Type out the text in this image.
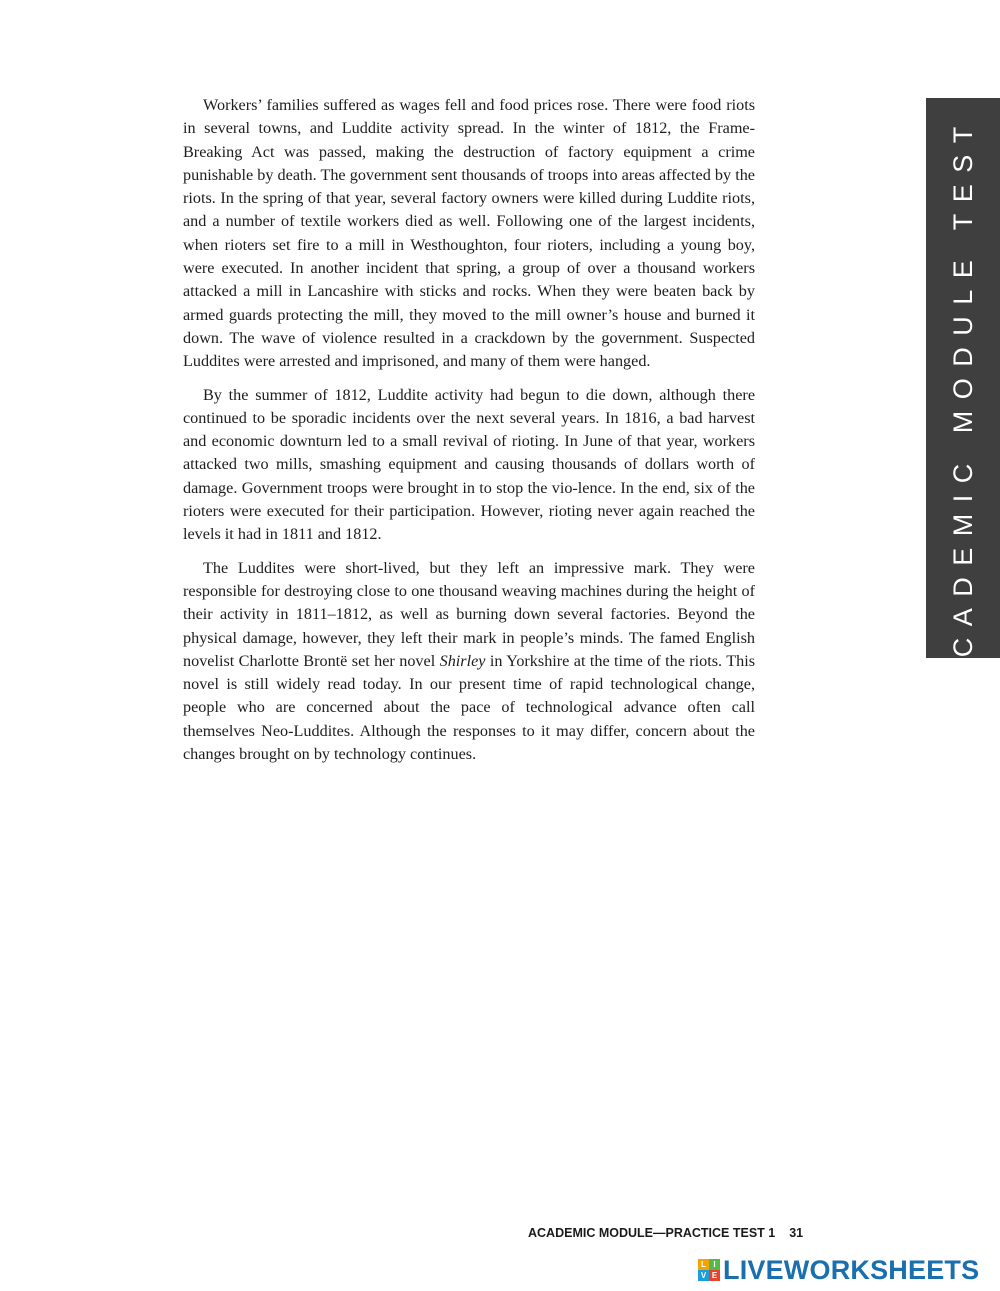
Workers’ families suffered as wages fell and food prices rose. There were food riots in several towns, and Luddite activity spread. In the winter of 1812, the Frame-Breaking Act was passed, making the destruction of factory equipment a crime punishable by death. The government sent thousands of troops into areas affected by the riots. In the spring of that year, several factory owners were killed during Luddite riots, and a number of textile workers died as well. Following one of the largest incidents, when rioters set fire to a mill in Westhoughton, four rioters, including a young boy, were executed. In another incident that spring, a group of over a thousand workers attacked a mill in Lancashire with sticks and rocks. When they were beaten back by armed guards protecting the mill, they moved to the mill owner’s house and burned it down. The wave of violence resulted in a crackdown by the government. Suspected Luddites were arrested and imprisoned, and many of them were hanged.

By the summer of 1812, Luddite activity had begun to die down, although there continued to be sporadic incidents over the next several years. In 1816, a bad harvest and economic downturn led to a small revival of rioting. In June of that year, workers attacked two mills, smashing equipment and causing thousands of dollars worth of damage. Government troops were brought in to stop the vio-lence. In the end, six of the rioters were executed for their participation. However, rioting never again reached the levels it had in 1811 and 1812.

The Luddites were short-lived, but they left an impressive mark. They were responsible for destroying close to one thousand weaving machines during the height of their activity in 1811–1812, as well as burning down several factories. Beyond the physical damage, however, they left their mark in people’s minds. The famed English novelist Charlotte Brontë set her novel Shirley in Yorkshire at the time of the riots. This novel is still widely read today. In our present time of rapid technological change, people who are concerned about the pace of technological advance often call themselves Neo-Luddites. Although the responses to it may differ, concern about the changes brought on by technology continues.

ACADEMIC MODULE TEST 1
ACADEMIC MODULE—PRACTICE TEST 1 31
L I
V E LIVEWORKSHEETS
